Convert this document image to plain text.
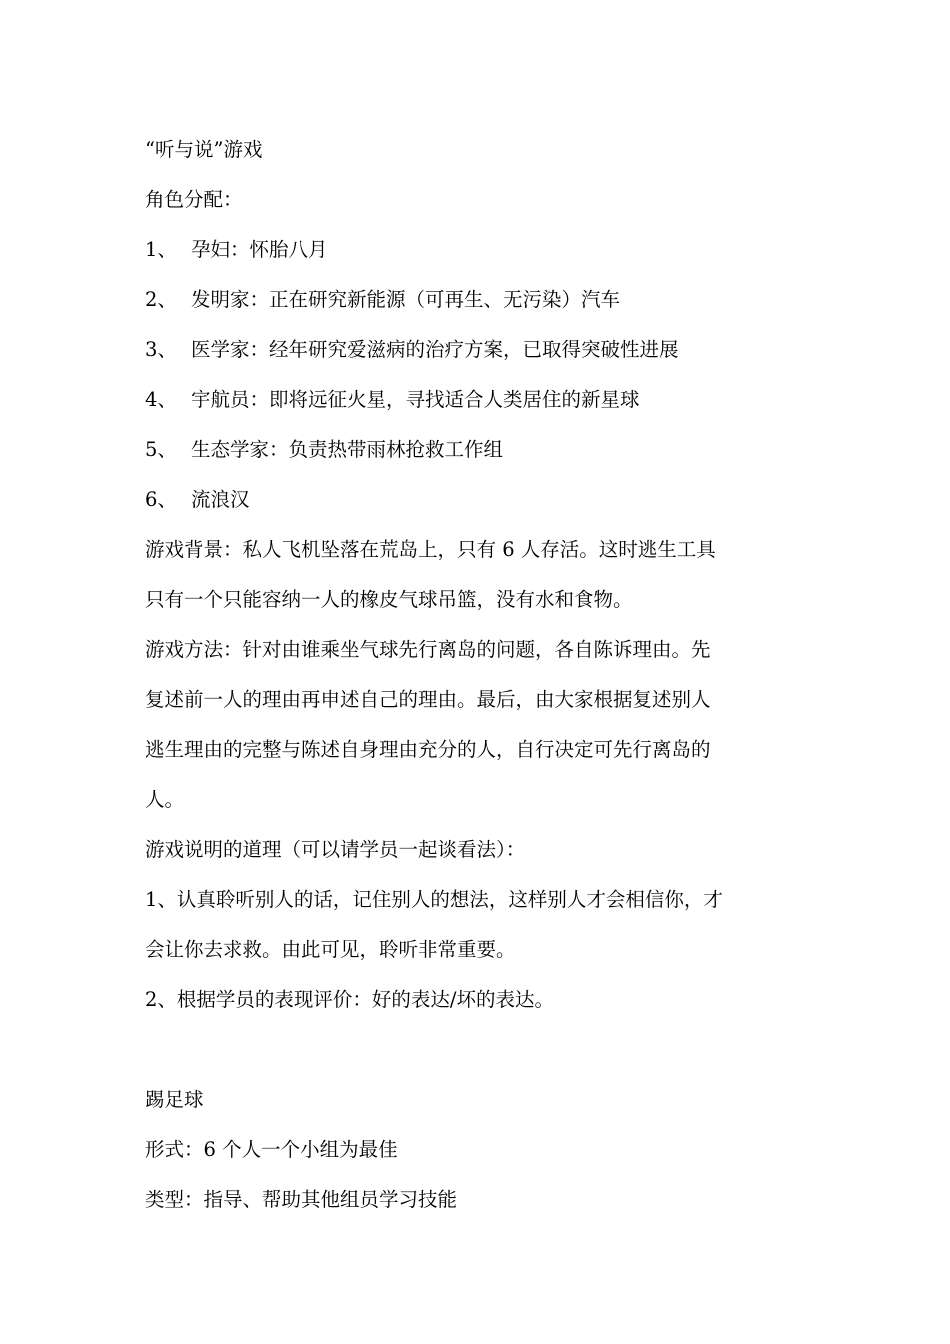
“听与说”游戏
角色分配：
1、 孕妇：怀胎八月
2、 发明家：正在研究新能源（可再生、无污染）汽车
3、 医学家：经年研究爱滋病的治疗方案，已取得突破性进展
4、 宇航员：即将远征火星，寻找适合人类居住的新星球
5、 生态学家：负责热带雨林抢救工作组
6、 流浪汉
游戏背景：私人飞机坠落在荒岛上，只有 6 人存活。这时逃生工具
只有一个只能容纳一人的橡皮气球吊篮，没有水和食物。
游戏方法：针对由谁乘坐气球先行离岛的问题，各自陈诉理由。先
复述前一人的理由再申述自己的理由。最后，由大家根据复述别人
逃生理由的完整与陈述自身理由充分的人，自行决定可先行离岛的
人。
游戏说明的道理（可以请学员一起谈看法）：
1、认真聆听别人的话，记住别人的想法，这样别人才会相信你，才
会让你去求救。由此可见，聆听非常重要。
2、根据学员的表现评价：好的表达/坏的表达。
踢足球
形式：6 个人一个小组为最佳
类型：指导、帮助其他组员学习技能
